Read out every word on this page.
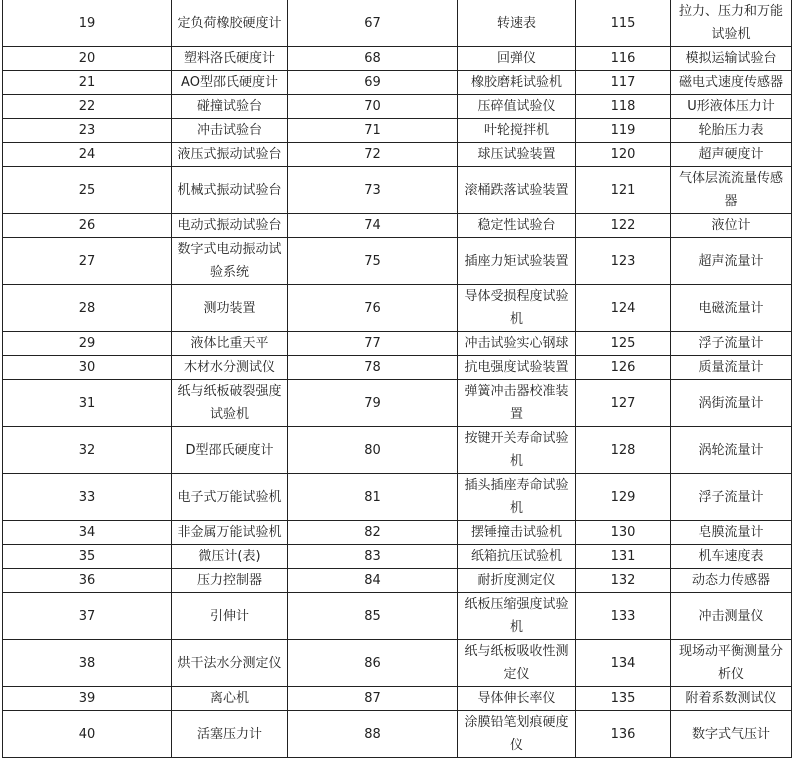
19	定负荷橡胶硬度计	67	转速表	115	拉力、压力和万能试验机
20	塑料洛氏硬度计	68	回弹仪	116	模拟运输试验台
21	AO型邵氏硬度计	69	橡胶磨耗试验机	117	磁电式速度传感器
22	碰撞试验台	70	压碎值试验仪	118	U形液体压力计
23	冲击试验台	71	叶轮搅拌机	119	轮胎压力表
24	液压式振动试验台	72	球压试验装置	120	超声硬度计
25	机械式振动试验台	73	滚桶跌落试验装置	121	气体层流流量传感器
26	电动式振动试验台	74	稳定性试验台	122	液位计
27	数字式电动振动试验系统	75	插座力矩试验装置	123	超声流量计
28	测功装置	76	导体受损程度试验机	124	电磁流量计
29	液体比重天平	77	冲击试验实心钢球	125	浮子流量计
30	木材水分测试仪	78	抗电强度试验装置	126	质量流量计
31	纸与纸板破裂强度试验机	79	弹簧冲击器校准装置	127	涡街流量计
32	D型邵氏硬度计	80	按键开关寿命试验机	128	涡轮流量计
33	电子式万能试验机	81	插头插座寿命试验机	129	浮子流量计
34	非金属万能试验机	82	摆锤撞击试验机	130	皂膜流量计
35	微压计(表)	83	纸箱抗压试验机	131	机车速度表
36	压力控制器	84	耐折度测定仪	132	动态力传感器
37	引伸计	85	纸板压缩强度试验机	133	冲击测量仪
38	烘干法水分测定仪	86	纸与纸板吸收性测定仪	134	现场动平衡测量分析仪
39	离心机	87	导体伸长率仪	135	附着系数测试仪
40	活塞压力计	88	涂膜铅笔划痕硬度仪	136	数字式气压计
